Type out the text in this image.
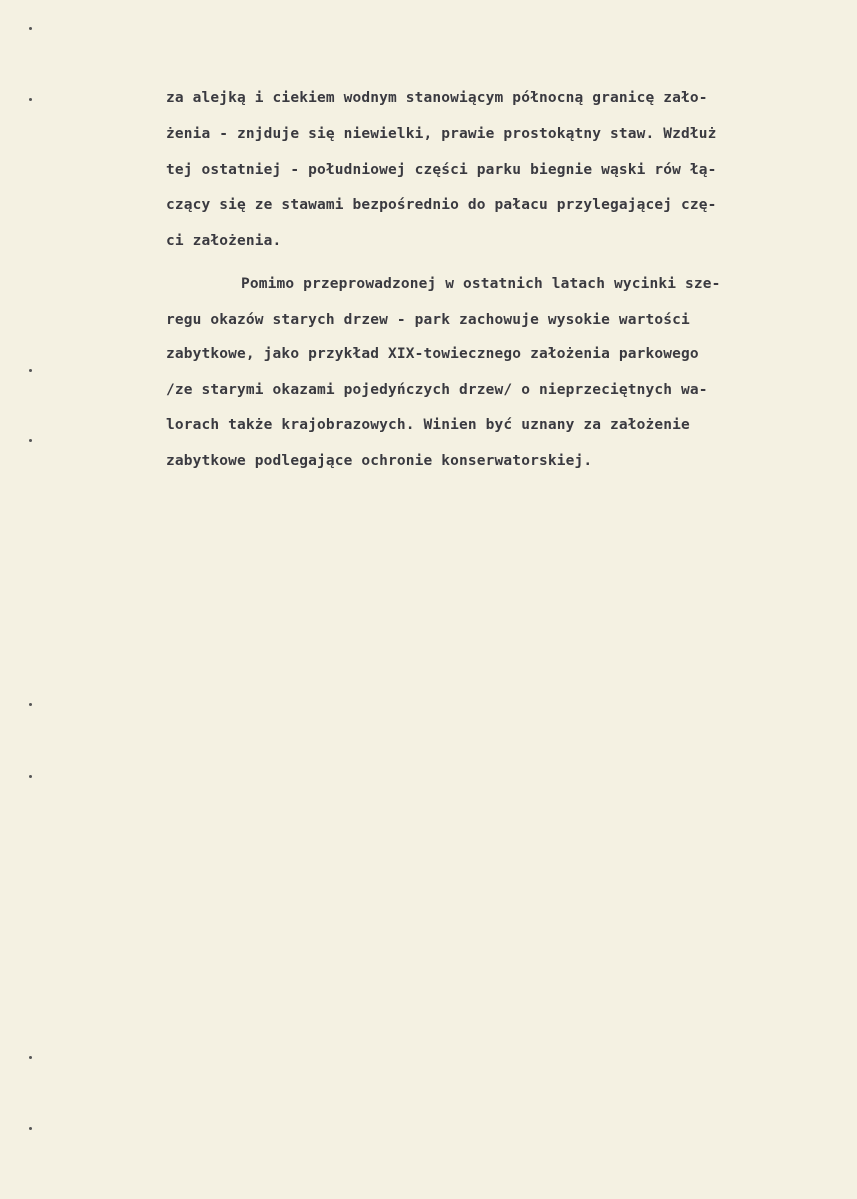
za alejką i ciekiem wodnym stanowiącym północną granicę zało-

żenia - znjduje się niewielki, prawie prostokątny staw. Wzdłuż

tej ostatniej - południowej części parku biegnie wąski rów łą-

czący się ze stawami bezpośrednio do pałacu przylegającej czę-

ci założenia.

Pomimo przeprowadzonej w ostatnich latach wycinki sze-

regu okazów starych drzew - park zachowuje wysokie wartości

zabytkowe, jako przykład XIX-towiecznego założenia parkowego

/ze starymi okazami pojedyńczych drzew/ o nieprzeciętnych wa-

lorach także krajobrazowych. Winien być uznany za założenie

zabytkowe podlegające ochronie konserwatorskiej.
